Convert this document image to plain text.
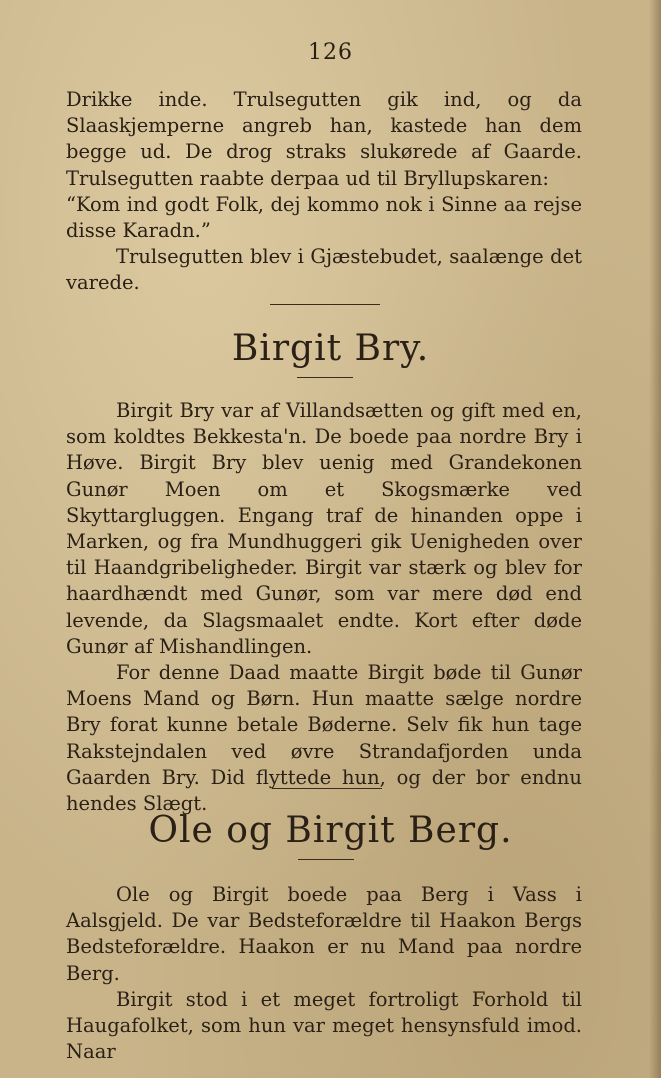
126

Drikke inde. Trulsegutten gik ind, og da Slaaskjemperne angreb han, kastede han dem begge ud. De drog straks slukørede af Gaarde. Trulsegutten raabte derpaa ud til Bryllupskaren:

“Kom ind godt Folk, dej kommo nok i Sinne aa rejse disse Karadn.”

Trulsegutten blev i Gjæstebudet, saalænge det varede.

Birgit Bry.

Birgit Bry var af Villandsætten og gift med en, som koldtes Bekkesta'n. De boede paa nordre Bry i Høve. Birgit Bry blev uenig med Grandekonen Gunør Moen om et Skogsmærke ved Skyttargluggen. Engang traf de hinanden oppe i Marken, og fra Mundhuggeri gik Uenigheden over til Haandgribeligheder. Birgit var stærk og blev for haardhændt med Gunør, som var mere død end levende, da Slagsmaalet endte. Kort efter døde Gunør af Mishandlingen.

For denne Daad maatte Birgit bøde til Gunør Moens Mand og Børn. Hun maatte sælge nordre Bry forat kunne betale Bøderne. Selv fik hun tage Rakstejndalen ved øvre Strandafjorden unda Gaarden Bry. Did flyttede hun, og der bor endnu hendes Slægt.

Ole og Birgit Berg.

Ole og Birgit boede paa Berg i Vass i Aalsgjeld. De var Bedsteforældre til Haakon Bergs Bedsteforældre. Haakon er nu Mand paa nordre Berg.

Birgit stod i et meget fortroligt Forhold til Haugafolket, som hun var meget hensynsfuld imod. Naar
